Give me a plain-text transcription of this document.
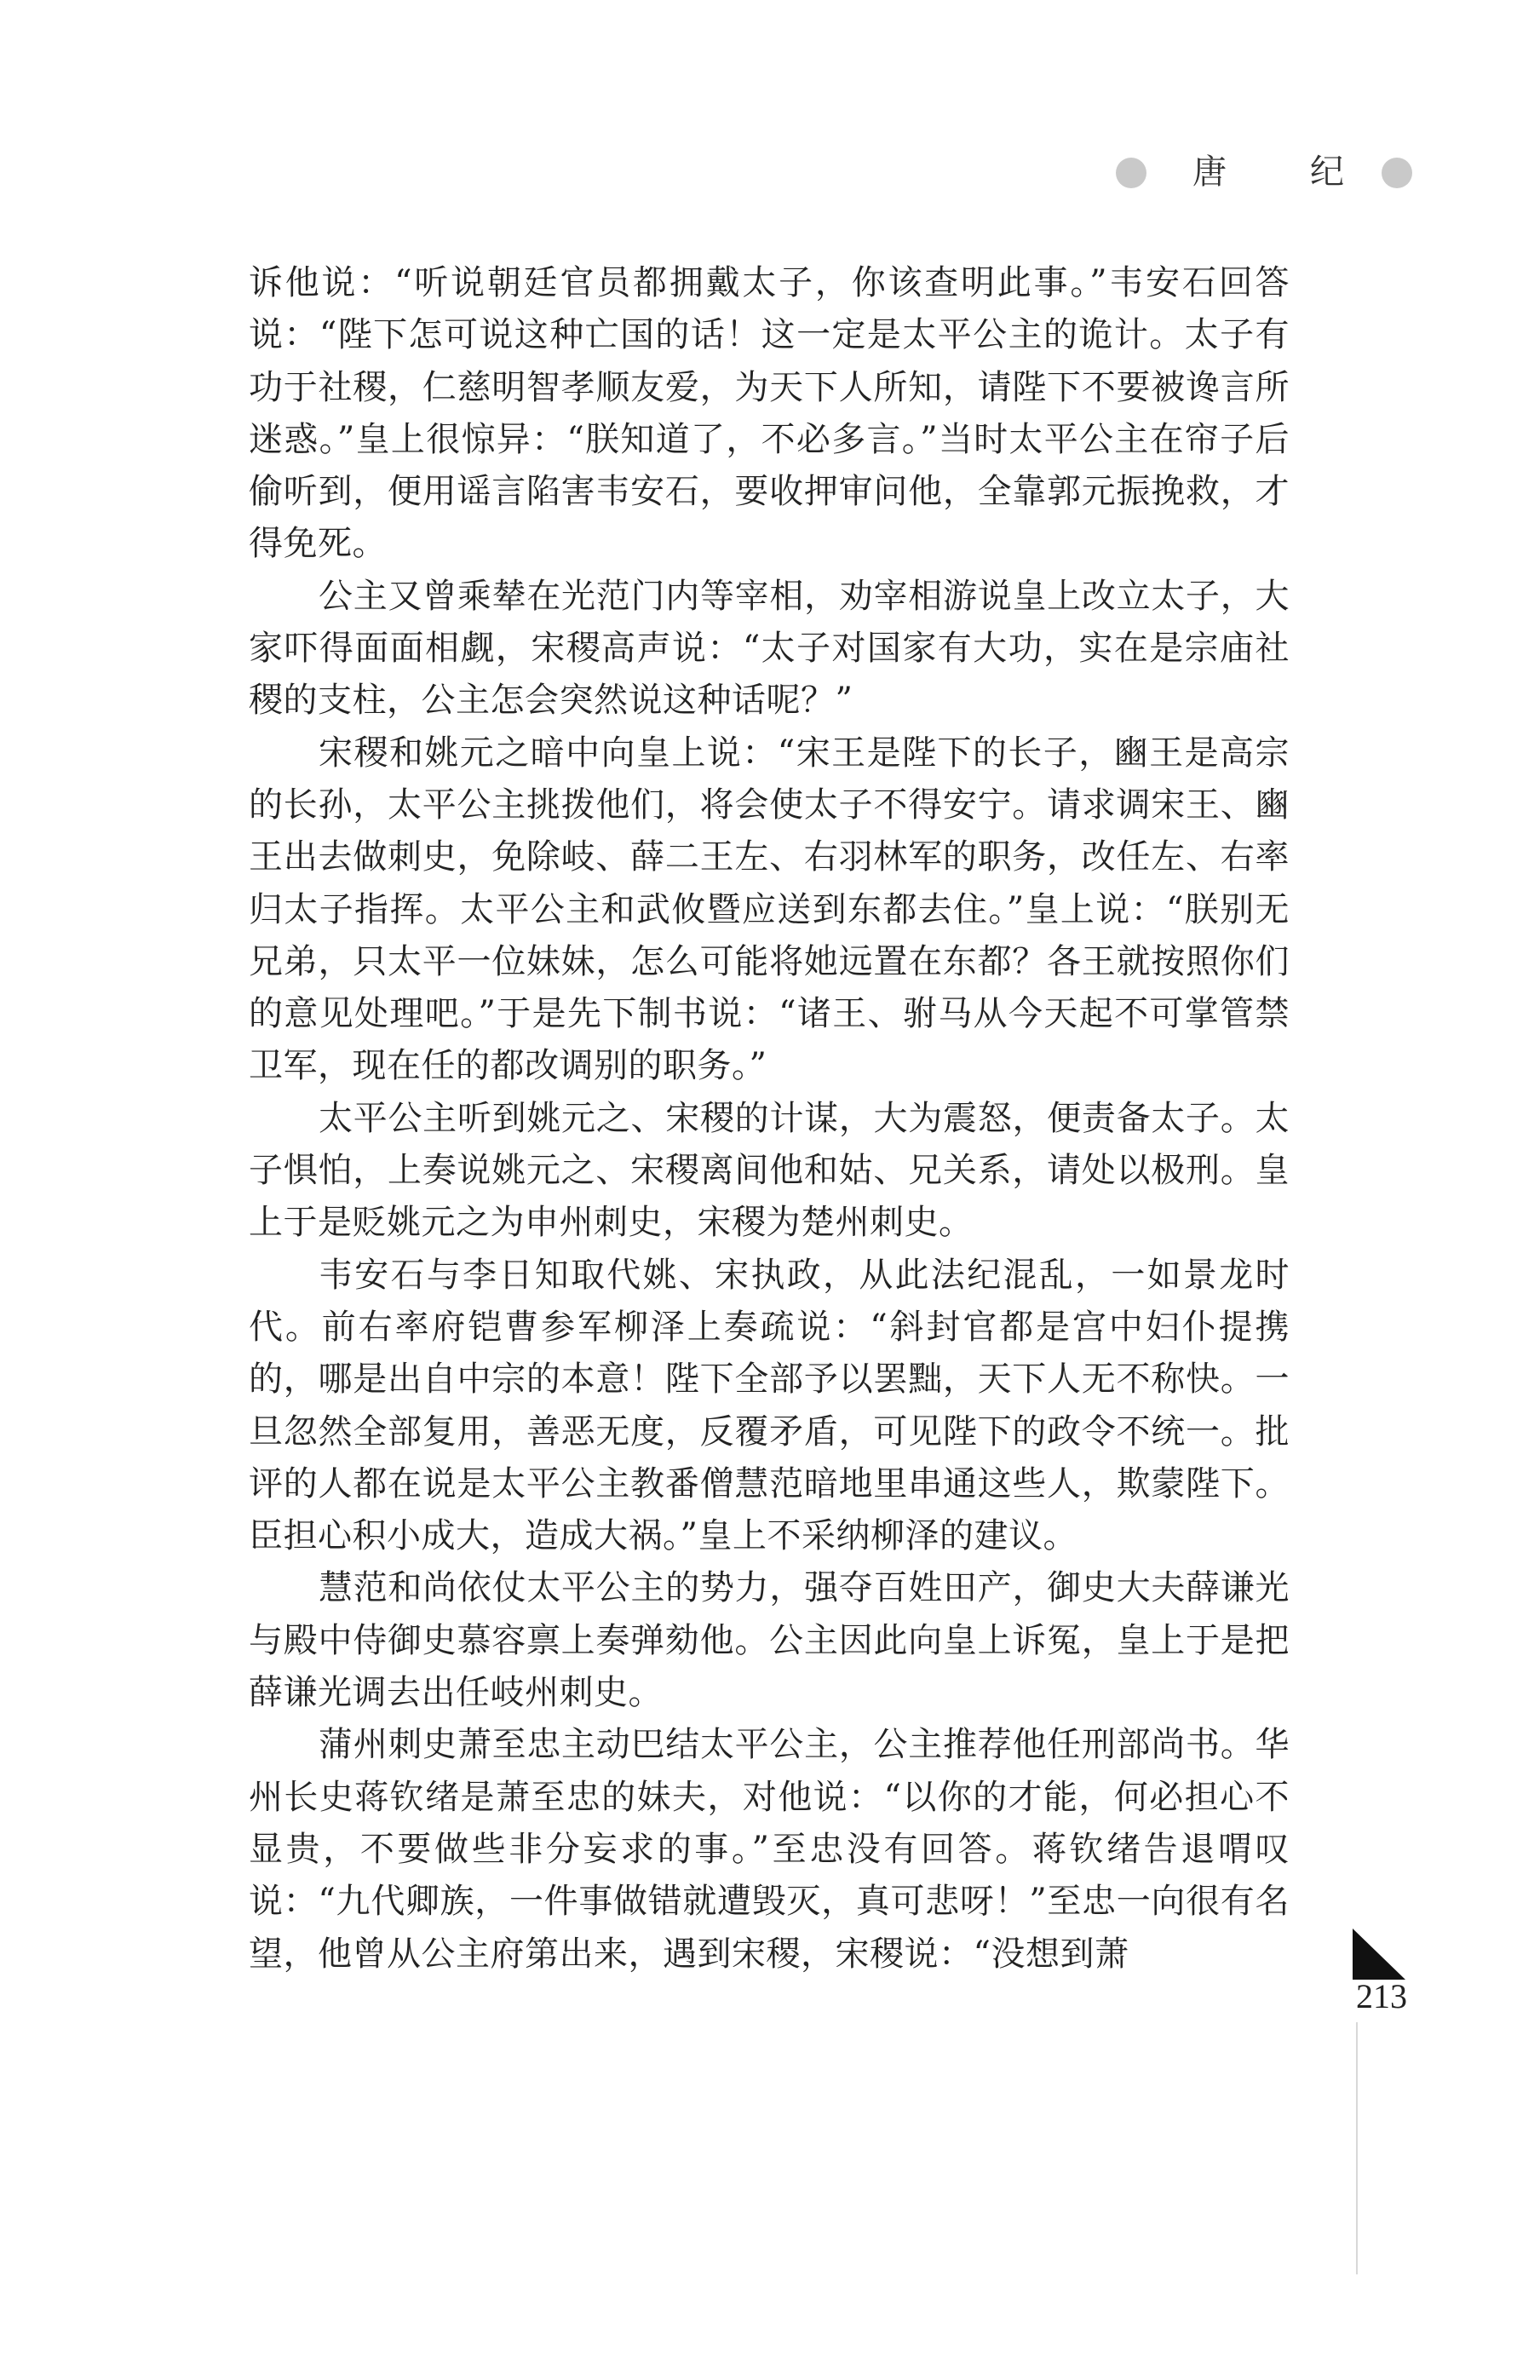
唐 纪

诉他说：“听说朝廷官员都拥戴太子，你该查明此事。”韦安石回答说：“陛下怎可说这种亡国的话！这一定是太平公主的诡计。太子有功于社稷，仁慈明智孝顺友爱，为天下人所知，请陛下不要被谗言所迷惑。”皇上很惊异：“朕知道了，不必多言。”当时太平公主在帘子后偷听到，便用谣言陷害韦安石，要收押审问他，全靠郭元振挽救，才得免死。

公主又曾乘辇在光范门内等宰相，劝宰相游说皇上改立太子，大家吓得面面相觑，宋稷高声说：“太子对国家有大功，实在是宗庙社稷的支柱，公主怎会突然说这种话呢？”

宋稷和姚元之暗中向皇上说：“宋王是陛下的长子，豳王是高宗的长孙，太平公主挑拨他们，将会使太子不得安宁。请求调宋王、豳王出去做刺史，免除岐、薛二王左、右羽林军的职务，改任左、右率归太子指挥。太平公主和武攸暨应送到东都去住。”皇上说：“朕别无兄弟，只太平一位妹妹，怎么可能将她远置在东都？各王就按照你们的意见处理吧。”于是先下制书说：“诸王、驸马从今天起不可掌管禁卫军，现在任的都改调别的职务。”

太平公主听到姚元之、宋稷的计谋，大为震怒，便责备太子。太子惧怕，上奏说姚元之、宋稷离间他和姑、兄关系，请处以极刑。皇上于是贬姚元之为申州刺史，宋稷为楚州刺史。

韦安石与李日知取代姚、宋执政，从此法纪混乱，一如景龙时代。前右率府铠曹参军柳泽上奏疏说：“斜封官都是宫中妇仆提携的，哪是出自中宗的本意！陛下全部予以罢黜，天下人无不称快。一旦忽然全部复用，善恶无度，反覆矛盾，可见陛下的政令不统一。批评的人都在说是太平公主教番僧慧范暗地里串通这些人，欺蒙陛下。臣担心积小成大，造成大祸。”皇上不采纳柳泽的建议。

慧范和尚依仗太平公主的势力，强夺百姓田产，御史大夫薛谦光与殿中侍御史慕容禀上奏弹劾他。公主因此向皇上诉冤，皇上于是把薛谦光调去出任岐州刺史。

蒲州刺史萧至忠主动巴结太平公主，公主推荐他任刑部尚书。华州长史蒋钦绪是萧至忠的妹夫，对他说：“以你的才能，何必担心不显贵，不要做些非分妄求的事。”至忠没有回答。蒋钦绪告退喟叹说：“九代卿族，一件事做错就遭毁灭，真可悲呀！”至忠一向很有名望，他曾从公主府第出来，遇到宋稷，宋稷说：“没想到萧

213
